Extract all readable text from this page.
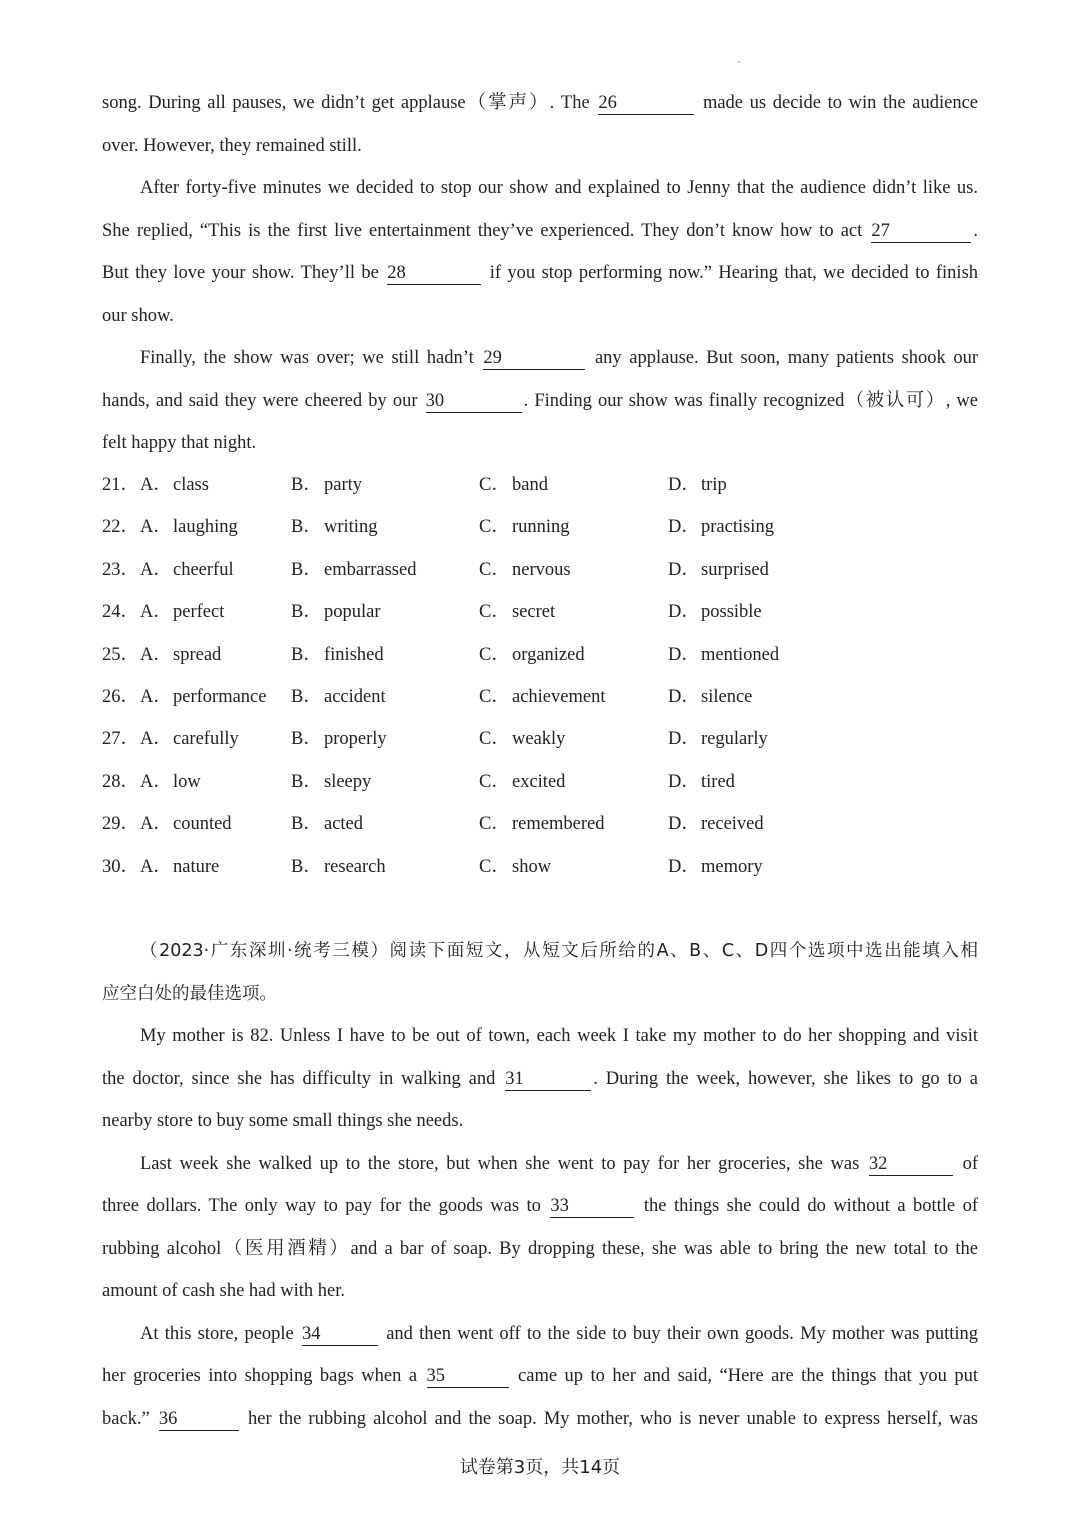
song. During all pauses, we didn’t get applause（掌声）. The 26	made us decide to win the audience
over. However, they remained still.
After forty-five minutes we decided to stop our show and explained to Jenny that the audience didn’t like us.
She replied, “This is the first live entertainment they’ve experienced. They don’t know how to act 27	.
But they love your show. They’ll be 28	if you stop performing now.” Hearing that, we decided to finish
our show.
Finally, the show was over; we still hadn’t 29	any applause. But soon, many patients shook our
hands, and said they were cheered by our 30	. Finding our show was finally recognized（被认可）, we
felt happy that night.
21． A．class	B． party	C． band	D．trip
22． A．laughing	B． writing	C． running	D．practising
23． A．cheerful	B． embarrassed	C． nervous	D．surprised
24． A．perfect	B． popular	C． secret	D．possible
25． A．spread	B． finished	C． organized	D．mentioned
26． A．performance B． accident	C． achievement	D．silence
27． A．carefully	B． properly	C． weakly	D．regularly
28． A．low	B． sleepy	C． excited	D．tired
29． A．counted	B． acted	C． remembered	D．received
30． A．nature	B． research	C． show	D．memory
（2023·广东深圳·统考三模）阅读下面短文，从短文后所给的A、B、C、D四个选项中选出能填入相
应空白处的最佳选项。
My mother is 82. Unless I have to be out of town, each week I take my mother to do her shopping and visit
the doctor, since she has difficulty in walking and 31	. During the week, however, she likes to go to a
nearby store to buy some small things she needs.
Last week she walked up to the store, but when she went to pay for her groceries, she was 32	of
three dollars. The only way to pay for the goods was to 33	the things she could do without a bottle of
rubbing alcohol（医用酒精）and a bar of soap. By dropping these, she was able to bring the new total to the
amount of cash she had with her.
At this store, people 34	and then went off to the side to buy their own goods. My mother was putting
her groceries into shopping bags when a 35	came up to her and said, “Here are the things that you put
back.” 36	her the rubbing alcohol and the soap. My mother, who is never unable to express herself, was
试卷第3页，共14页
